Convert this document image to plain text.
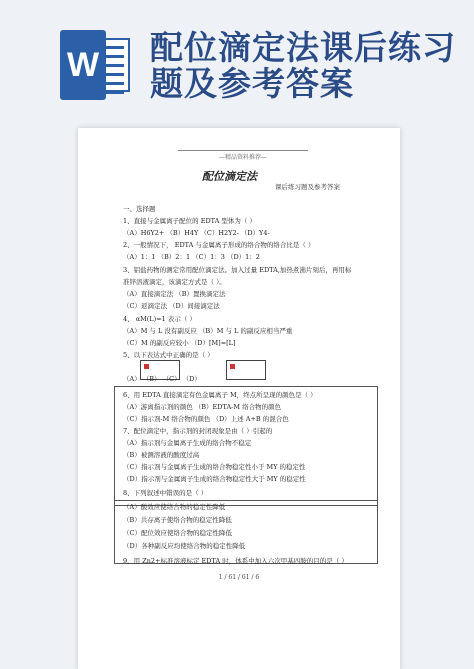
W 配位滴定法课后练习题及参考答案
—精品资料推荐—
配位滴定法
课后练习题及参考答案
一、选择题
1、直接与金属离子配位的 EDTA 型体为（ ）
（A）H6Y2+ （B）H4Y （C）H2Y2- （D）Y4-
2、一般情况下， EDTA 与金属离子形成的络合物的络合比是（ ）
（A）1：1 （B）2：1 （C）1：3 （D）1：2
3、铝盐药物的测定常用配位滴定法。加入过量 EDTA,加热煮沸片刻后，再用标
准锌溶液滴定，该滴定方式是（ ）。
（A）直接滴定法 （B）置换滴定法
（C）返滴定法 （D）间接滴定法
4、 αM(L)=1 表示（ ）
（A）M 与 L 没有副反应 （B）M 与 L 的副反应相当严重
（C）M 的副反应较小 （D）[M]=[L]
5、以下表达式中正确的是（ ）
（A） （B） （C） （D）
6、用 EDTA 直接滴定有色金属离子 M，终点所呈现的颜色是（ ）
（A）游离指示剂的颜色 （B）EDTA-M 络合物的颜色
（C）指示剂-M 络合物的颜色 （D）上述 A+B 的混合色
7、配位滴定中，指示剂的封闭现象是由（ ）引起的
（A）指示剂与金属离子生成的络合物不稳定
（B）被测溶液的酸度过高
（C）指示剂与金属离子生成的络合物稳定性小于 MY 的稳定性
（D）指示剂与金属离子生成的络合物稳定性大于 MY 的稳定性
8、下列叙述中错误的是（ ）
（A）酸效应使络合物的稳定性降低
（B）共存离子使络合物的稳定性降低
（C）配位效应使络合物的稳定性降低
（D）各种副反应均使络合物的稳定性降低
9、用 Zn2+标准溶液标定 EDTA 时，体系中加入六次甲基四胺的目的是（ ）
1 / 61 / 61 / 6
